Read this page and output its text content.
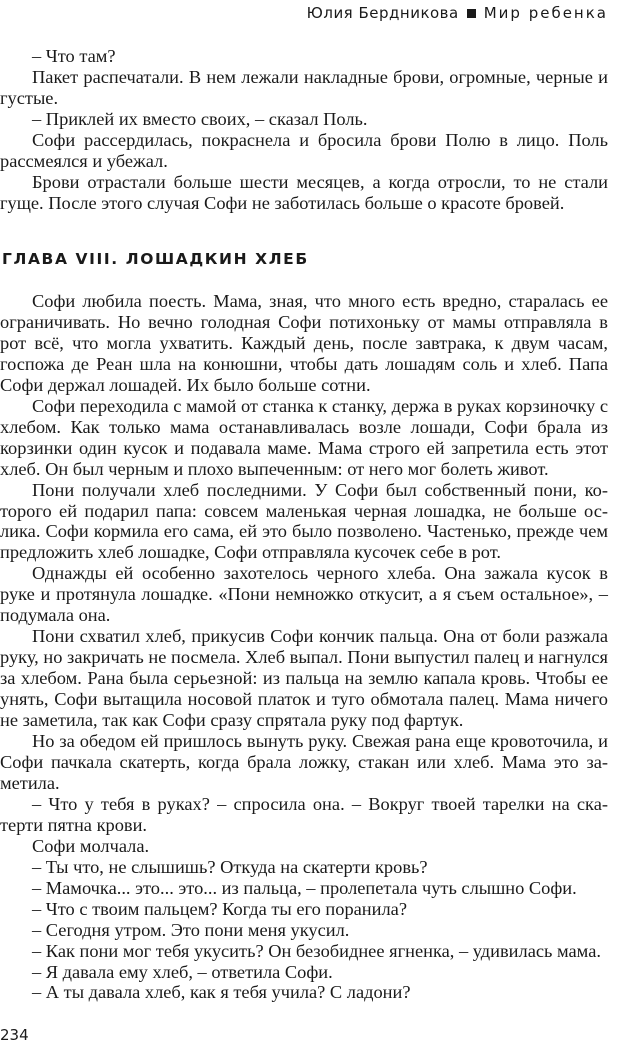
Юлия Бердникова Мир ребенка

– Что там?

Пакет распечатали. В нем лежали накладные брови, огромные, черные и густые.

– Приклей их вместо своих, – сказал Поль.

Софи рассердилась, покраснела и бросила брови Полю в лицо. Поль рассмеялся и убежал.

Брови отрастали больше шести месяцев, а когда отросли, то не стали гуще. После этого случая Софи не заботилась больше о красоте бровей.

ГЛАВА VIII. ЛОШАДКИН ХЛЕБ

Софи любила поесть. Мама, зная, что много есть вредно, старалась ее ограничивать. Но вечно голодная Софи потихоньку от мамы отправляла в рот всё, что могла ухватить. Каждый день, после завтрака, к двум часам, госпожа де Реан шла на конюшни, чтобы дать лошадям соль и хлеб. Папа Софи держал лошадей. Их было больше сотни.

Софи переходила с мамой от станка к станку, держа в руках корзиночку с хлебом. Как только мама останавливалась возле лошади, Софи брала из корзинки один кусок и подавала маме. Мама строго ей запретила есть этот хлеб. Он был черным и плохо выпеченным: от него мог болеть живот.

Пони получали хлеб последними. У Софи был собственный пони, которого ей подарил папа: совсем маленькая черная лошадка, не больше ослика. Софи кормила его сама, ей это было позволено. Частенько, прежде чем предложить хлеб лошадке, Софи отправляла кусочек себе в рот.

Однажды ей особенно захотелось черного хлеба. Она зажала кусок в руке и протянула лошадке. «Пони немножко откусит, а я съем остальное», – подумала она.

Пони схватил хлеб, прикусив Софи кончик пальца. Она от боли разжала руку, но закричать не посмела. Хлеб выпал. Пони выпустил палец и нагнулся за хлебом. Рана была серьезной: из пальца на землю капала кровь. Чтобы ее унять, Софи вытащила носовой платок и туго обмотала палец. Мама ничего не заметила, так как Софи сразу спрятала руку под фартук.

Но за обедом ей пришлось вынуть руку. Свежая рана еще кровоточила, и Софи пачкала скатерть, когда брала ложку, стакан или хлеб. Мама это заметила.

– Что у тебя в руках? – спросила она. – Вокруг твоей тарелки на скатерти пятна крови.

Софи молчала.

– Ты что, не слышишь? Откуда на скатерти кровь?

– Мамочка... это... это... из пальца, – пролепетала чуть слышно Софи.

– Что с твоим пальцем? Когда ты его поранила?

– Сегодня утром. Это пони меня укусил.

– Как пони мог тебя укусить? Он безобиднее ягненка, – удивилась мама.

– Я давала ему хлеб, – ответила Софи.

– А ты давала хлеб, как я тебя учила? С ладони?

234
